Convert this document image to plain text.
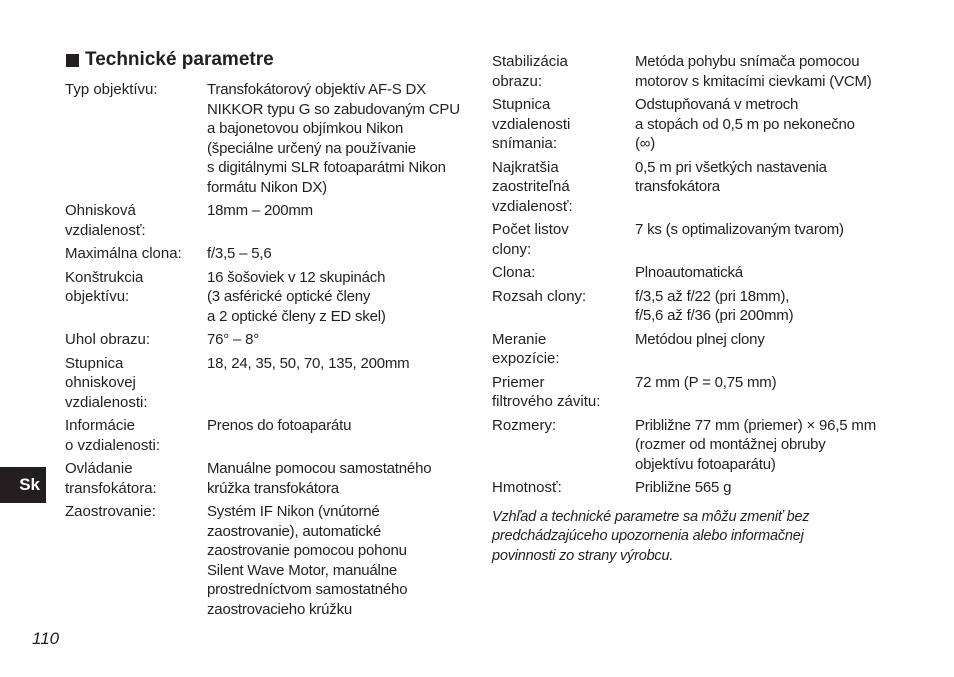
Technické parametre
Typ objektívu:	Transfokátorový objektív AF-S DX
NIKKOR typu G so zabudovaným CPU
a bajonetovou objímkou Nikon
(špeciálne určený na používanie
s digitálnymi SLR fotoaparátmi Nikon
formátu Nikon DX)
Ohnisková
vzdialenosť:
18mm – 200mm
Maximálna clona:	f/3,5 – 5,6
Konštrukcia
objektívu:
16 šošoviek v 12 skupinách
(3 asférické optické členy
a 2 optické členy z ED skel)
Uhol obrazu:	76° – 8°
Stupnica
ohniskovej
vzdialenosti:
18, 24, 35, 50, 70, 135, 200mm
Informácie
o vzdialenosti:
Prenos do fotoaparátu
Ovládanie
transfokátora:
Manuálne pomocou samostatného
krúžka transfokátora
Zaostrovanie:	Systém IF Nikon (vnútorné
zaostrovanie), automatické
zaostrovanie pomocou pohonu
Silent Wave Motor, manuálne
prostredníctvom samostatného
zaostrovacieho krúžku
Stabilizácia
obrazu:
Metóda pohybu snímača pomocou
motorov s kmitacími cievkami (VCM)
Stupnica
vzdialenosti
snímania:
Odstupňovaná v metroch
a stopách od 0,5 m po nekonečno
(∞)
Najkratšia
zaostriteľná
vzdialenosť:
0,5 m pri všetkých nastavenia
transfokátora
Počet listov
clony:
7 ks (s optimalizovaným tvarom)
Clona:	Plnoautomatická
Rozsah clony:	f/3,5 až f/22 (pri 18mm),
f/5,6 až f/36 (pri 200mm)
Meranie
expozície:
Metódou plnej clony
Priemer
filtrového závitu:
72 mm (P = 0,75 mm)
Rozmery:	Približne 77 mm (priemer) × 96,5 mm
(rozmer od montážnej obruby
objektívu fotoaparátu)
Hmotnosť:	Približne 565 g
Vzhľad a technické parametre sa môžu zmeniť bez
predchádzajúceho upozornenia alebo informačnej
povinnosti zo strany výrobcu.
Sk
110
